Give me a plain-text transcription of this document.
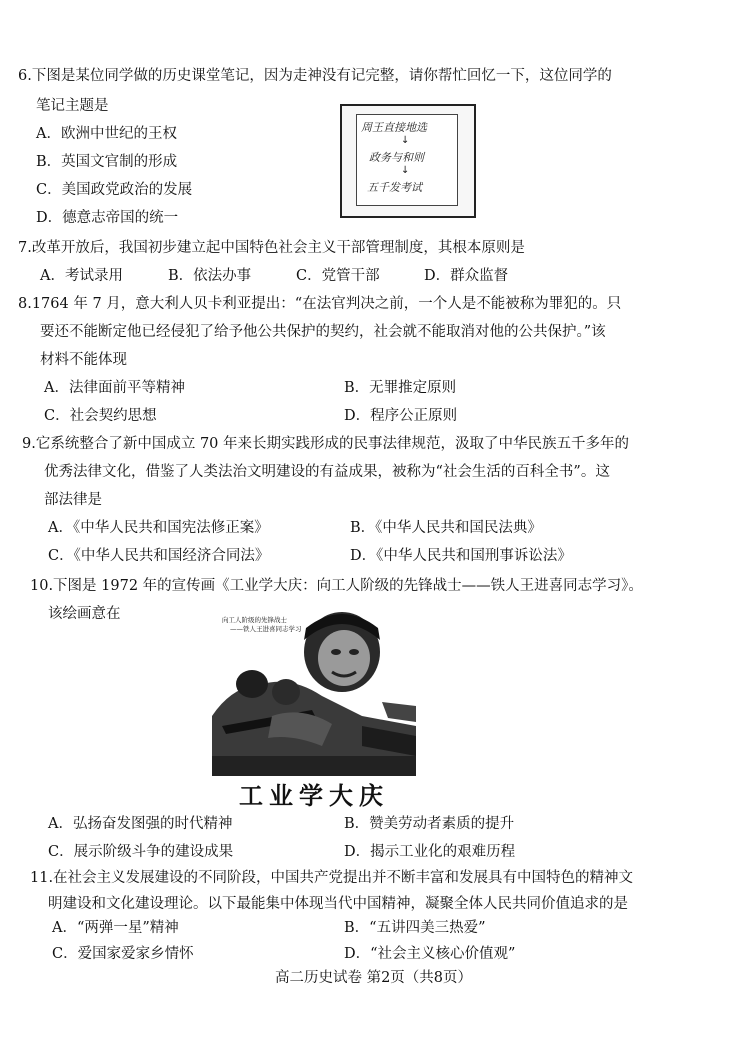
6.下图是某位同学做的历史课堂笔记，因为走神没有记完整，请你帮忙回忆一下，这位同学的
笔记主题是
A．欧洲中世纪的王权
B．英国文官制的形成
C．美国政党政治的发展
D．德意志帝国的统一
周王直接地选
↓
政务与和则
↓
五千发考试
7.改革开放后，我国初步建立起中国特色社会主义干部管理制度，其根本原则是
A．考试录用	B．依法办事	C．党管干部	D．群众监督
8.1764 年 7 月，意大利人贝卡利亚提出：“在法官判决之前，一个人是不能被称为罪犯的。只
要还不能断定他已经侵犯了给予他公共保护的契约，社会就不能取消对他的公共保护。”该
材料不能体现
A．法律面前平等精神	B．无罪推定原则
C．社会契约思想	D．程序公正原则
9.它系统整合了新中国成立 70 年来长期实践形成的民事法律规范，汲取了中华民族五千多年的
优秀法律文化，借鉴了人类法治文明建设的有益成果，被称为“社会生活的百科全书”。这
部法律是
A．《中华人民共和国宪法修正案》	B．《中华人民共和国民法典》
C．《中华人民共和国经济合同法》	D．《中华人民共和国刑事诉讼法》
10.下图是 1972 年的宣传画《工业学大庆：向工人阶级的先锋战士——铁人王进喜同志学习》。
该绘画意在	向工人阶级的先锋战士
——铁人王进喜同志学习
工业学大庆
A．弘扬奋发图强的时代精神	B．赞美劳动者素质的提升
C．展示阶级斗争的建设成果	D．揭示工业化的艰难历程
11.在社会主义发展建设的不同阶段，中国共产党提出并不断丰富和发展具有中国特色的精神文
明建设和文化建设理论。以下最能集中体现当代中国精神，凝聚全体人民共同价值追求的是
A．“两弹一星”精神	B．“五讲四美三热爱”
C．爱国家爱家乡情怀	D．“社会主义核心价值观”
高二历史试卷 第2页（共8页）
